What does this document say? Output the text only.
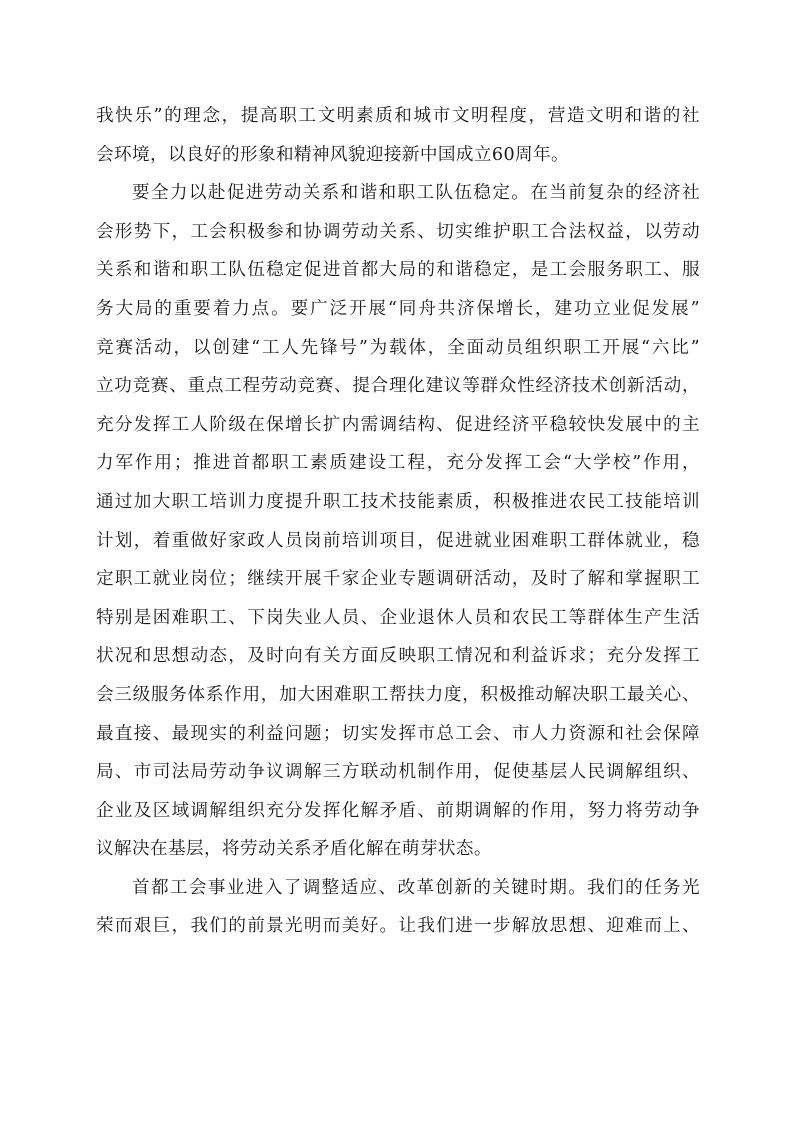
我快乐”的理念，提高职工文明素质和城市文明程度，营造文明和谐的社
会环境，以良好的形象和精神风貌迎接新中国成立60周年。
要全力以赴促进劳动关系和谐和职工队伍稳定。在当前复杂的经济社
会形势下，工会积极参和协调劳动关系、切实维护职工合法权益，以劳动
关系和谐和职工队伍稳定促进首都大局的和谐稳定，是工会服务职工、服
务大局的重要着力点。要广泛开展“同舟共济保增长，建功立业促发展”
竞赛活动，以创建“工人先锋号”为载体，全面动员组织职工开展“六比”
立功竞赛、重点工程劳动竞赛、提合理化建议等群众性经济技术创新活动，
充分发挥工人阶级在保增长扩内需调结构、促进经济平稳较快发展中的主
力军作用；推进首都职工素质建设工程，充分发挥工会“大学校”作用，
通过加大职工培训力度提升职工技术技能素质，积极推进农民工技能培训
计划，着重做好家政人员岗前培训项目，促进就业困难职工群体就业，稳
定职工就业岗位；继续开展千家企业专题调研活动，及时了解和掌握职工
特别是困难职工、下岗失业人员、企业退休人员和农民工等群体生产生活
状况和思想动态，及时向有关方面反映职工情况和利益诉求；充分发挥工
会三级服务体系作用，加大困难职工帮扶力度，积极推动解决职工最关心、
最直接、最现实的利益问题；切实发挥市总工会、市人力资源和社会保障
局、市司法局劳动争议调解三方联动机制作用，促使基层人民调解组织、
企业及区域调解组织充分发挥化解矛盾、前期调解的作用，努力将劳动争
议解决在基层，将劳动关系矛盾化解在萌芽状态。
首都工会事业进入了调整适应、改革创新的关键时期。我们的任务光
荣而艰巨，我们的前景光明而美好。让我们进一步解放思想、迎难而上、
